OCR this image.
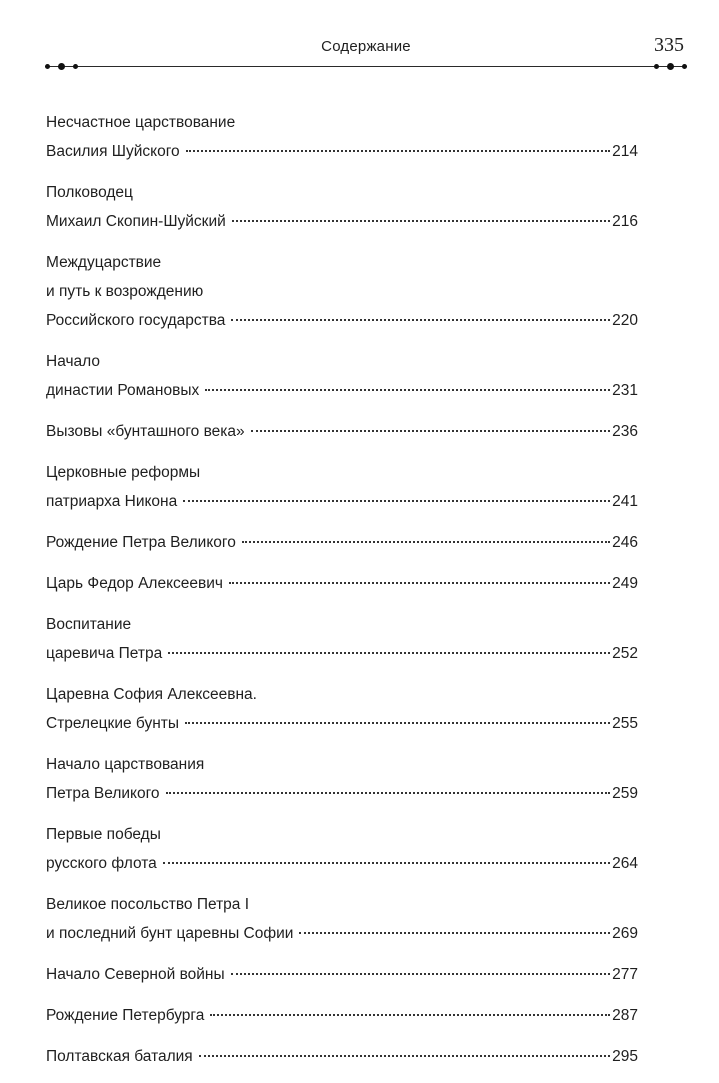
Содержание	335
Несчастное царствование
Василия Шуйского	214
Полководец
Михаил Скопин-Шуйский	216
Междуцарствие
и путь к возрождению
Российского государства	220
Начало
династии Романовых	231
Вызовы «бунташного века»	236
Церковные реформы
патриарха Никона	241
Рождение Петра Великого	246
Царь Федор Алексеевич	249
Воспитание
царевича Петра	252
Царевна София Алексеевна.
Стрелецкие бунты	255
Начало царствования
Петра Великого	259
Первые победы
русского флота	264
Великое посольство Петра I
и последний бунт царевны Софии	269
Начало Северной войны	277
Рождение Петербурга	287
Полтавская баталия	295
